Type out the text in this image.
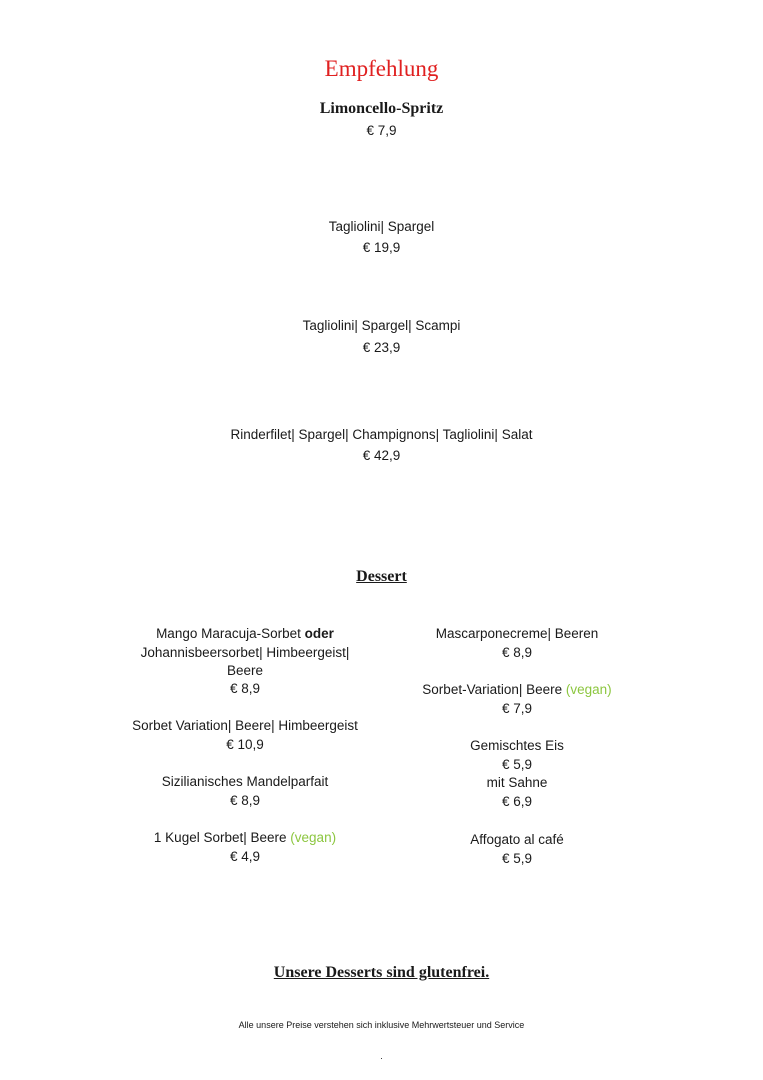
Empfehlung
Limoncello-Spritz
€ 7,9
Tagliolini| Spargel
€ 19,9
Tagliolini| Spargel| Scampi
€ 23,9
Rinderfilet| Spargel| Champignons| Tagliolini| Salat
€ 42,9
Dessert
Mango Maracuja-Sorbet oder
Johannisbeersorbet| Himbeergeist|
Beere
€ 8,9
Sorbet Variation| Beere| Himbeergeist
€ 10,9
Sizilianisches Mandelparfait
€ 8,9
1 Kugel Sorbet| Beere (vegan)
€ 4,9
Mascarponecreme| Beeren
€ 8,9
Sorbet-Variation| Beere (vegan)
€ 7,9
Gemischtes Eis
€ 5,9
mit Sahne
€ 6,9
Affogato al café
€ 5,9
Unsere Desserts sind glutenfrei.
Alle unsere Preise verstehen sich inklusive Mehrwertsteuer und Service
.
